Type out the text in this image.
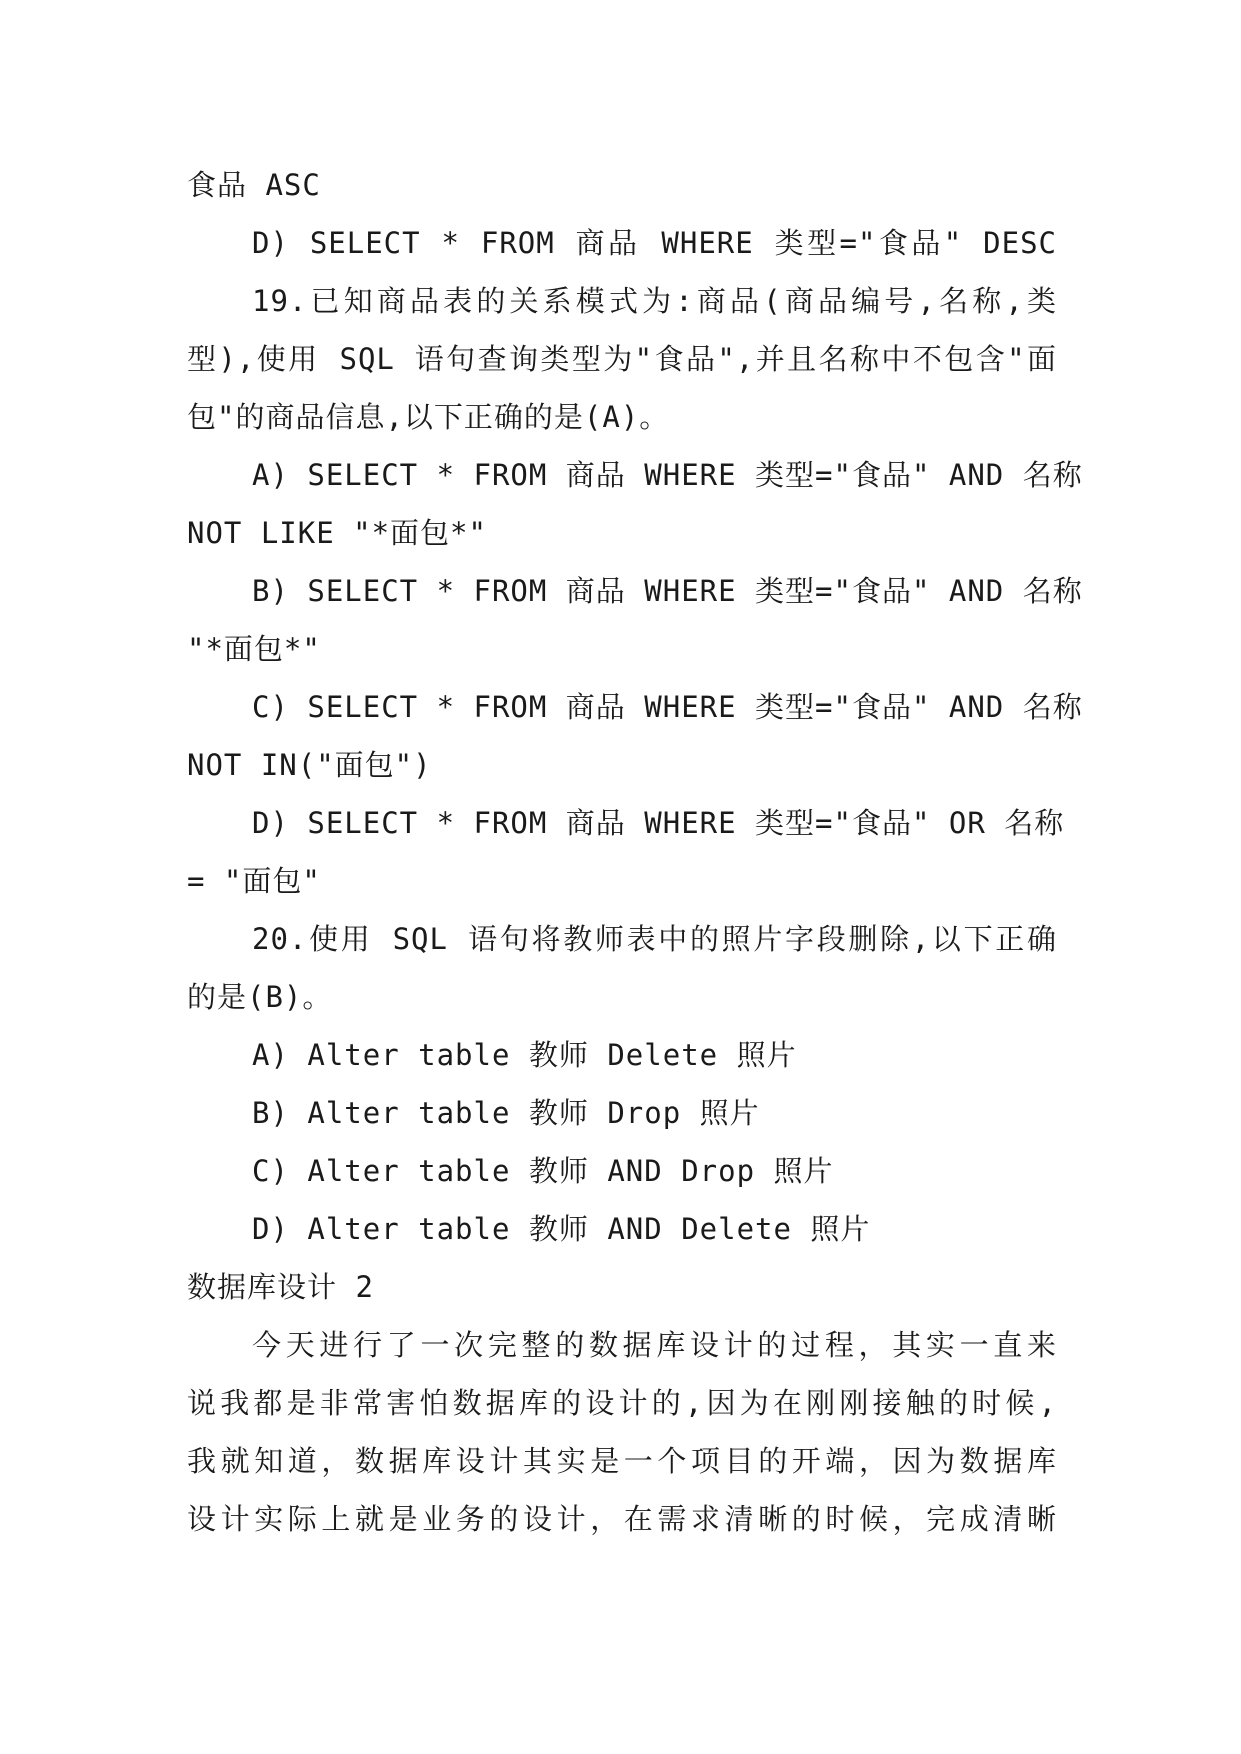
食品 ASC
D) SELECT * FROM 商品 WHERE 类型="食品" DESC
19.已知商品表的关系模式为:商品(商品编号,名称,类
型),使用 SQL 语句查询类型为"食品",并且名称中不包含"面
包"的商品信息,以下正确的是(A)。
A) SELECT * FROM 商品 WHERE 类型="食品" AND 名称
NOT LIKE "*面包*"
B) SELECT * FROM 商品 WHERE 类型="食品" AND 名称
"*面包*"
C) SELECT * FROM 商品 WHERE 类型="食品" AND 名称
NOT IN("面包")
D) SELECT * FROM 商品 WHERE 类型="食品" OR 名称
= "面包"
20.使用 SQL 语句将教师表中的照片字段删除,以下正确
的是(B)。
A) Alter table 教师 Delete 照片
B) Alter table 教师 Drop 照片
C) Alter table 教师 AND Drop 照片
D) Alter table 教师 AND Delete 照片
数据库设计 2
今天进行了一次完整的数据库设计的过程，其实一直来
说我都是非常害怕数据库的设计的,因为在刚刚接触的时候,
我就知道，数据库设计其实是一个项目的开端，因为数据库
设计实际上就是业务的设计，在需求清晰的时候，完成清晰
